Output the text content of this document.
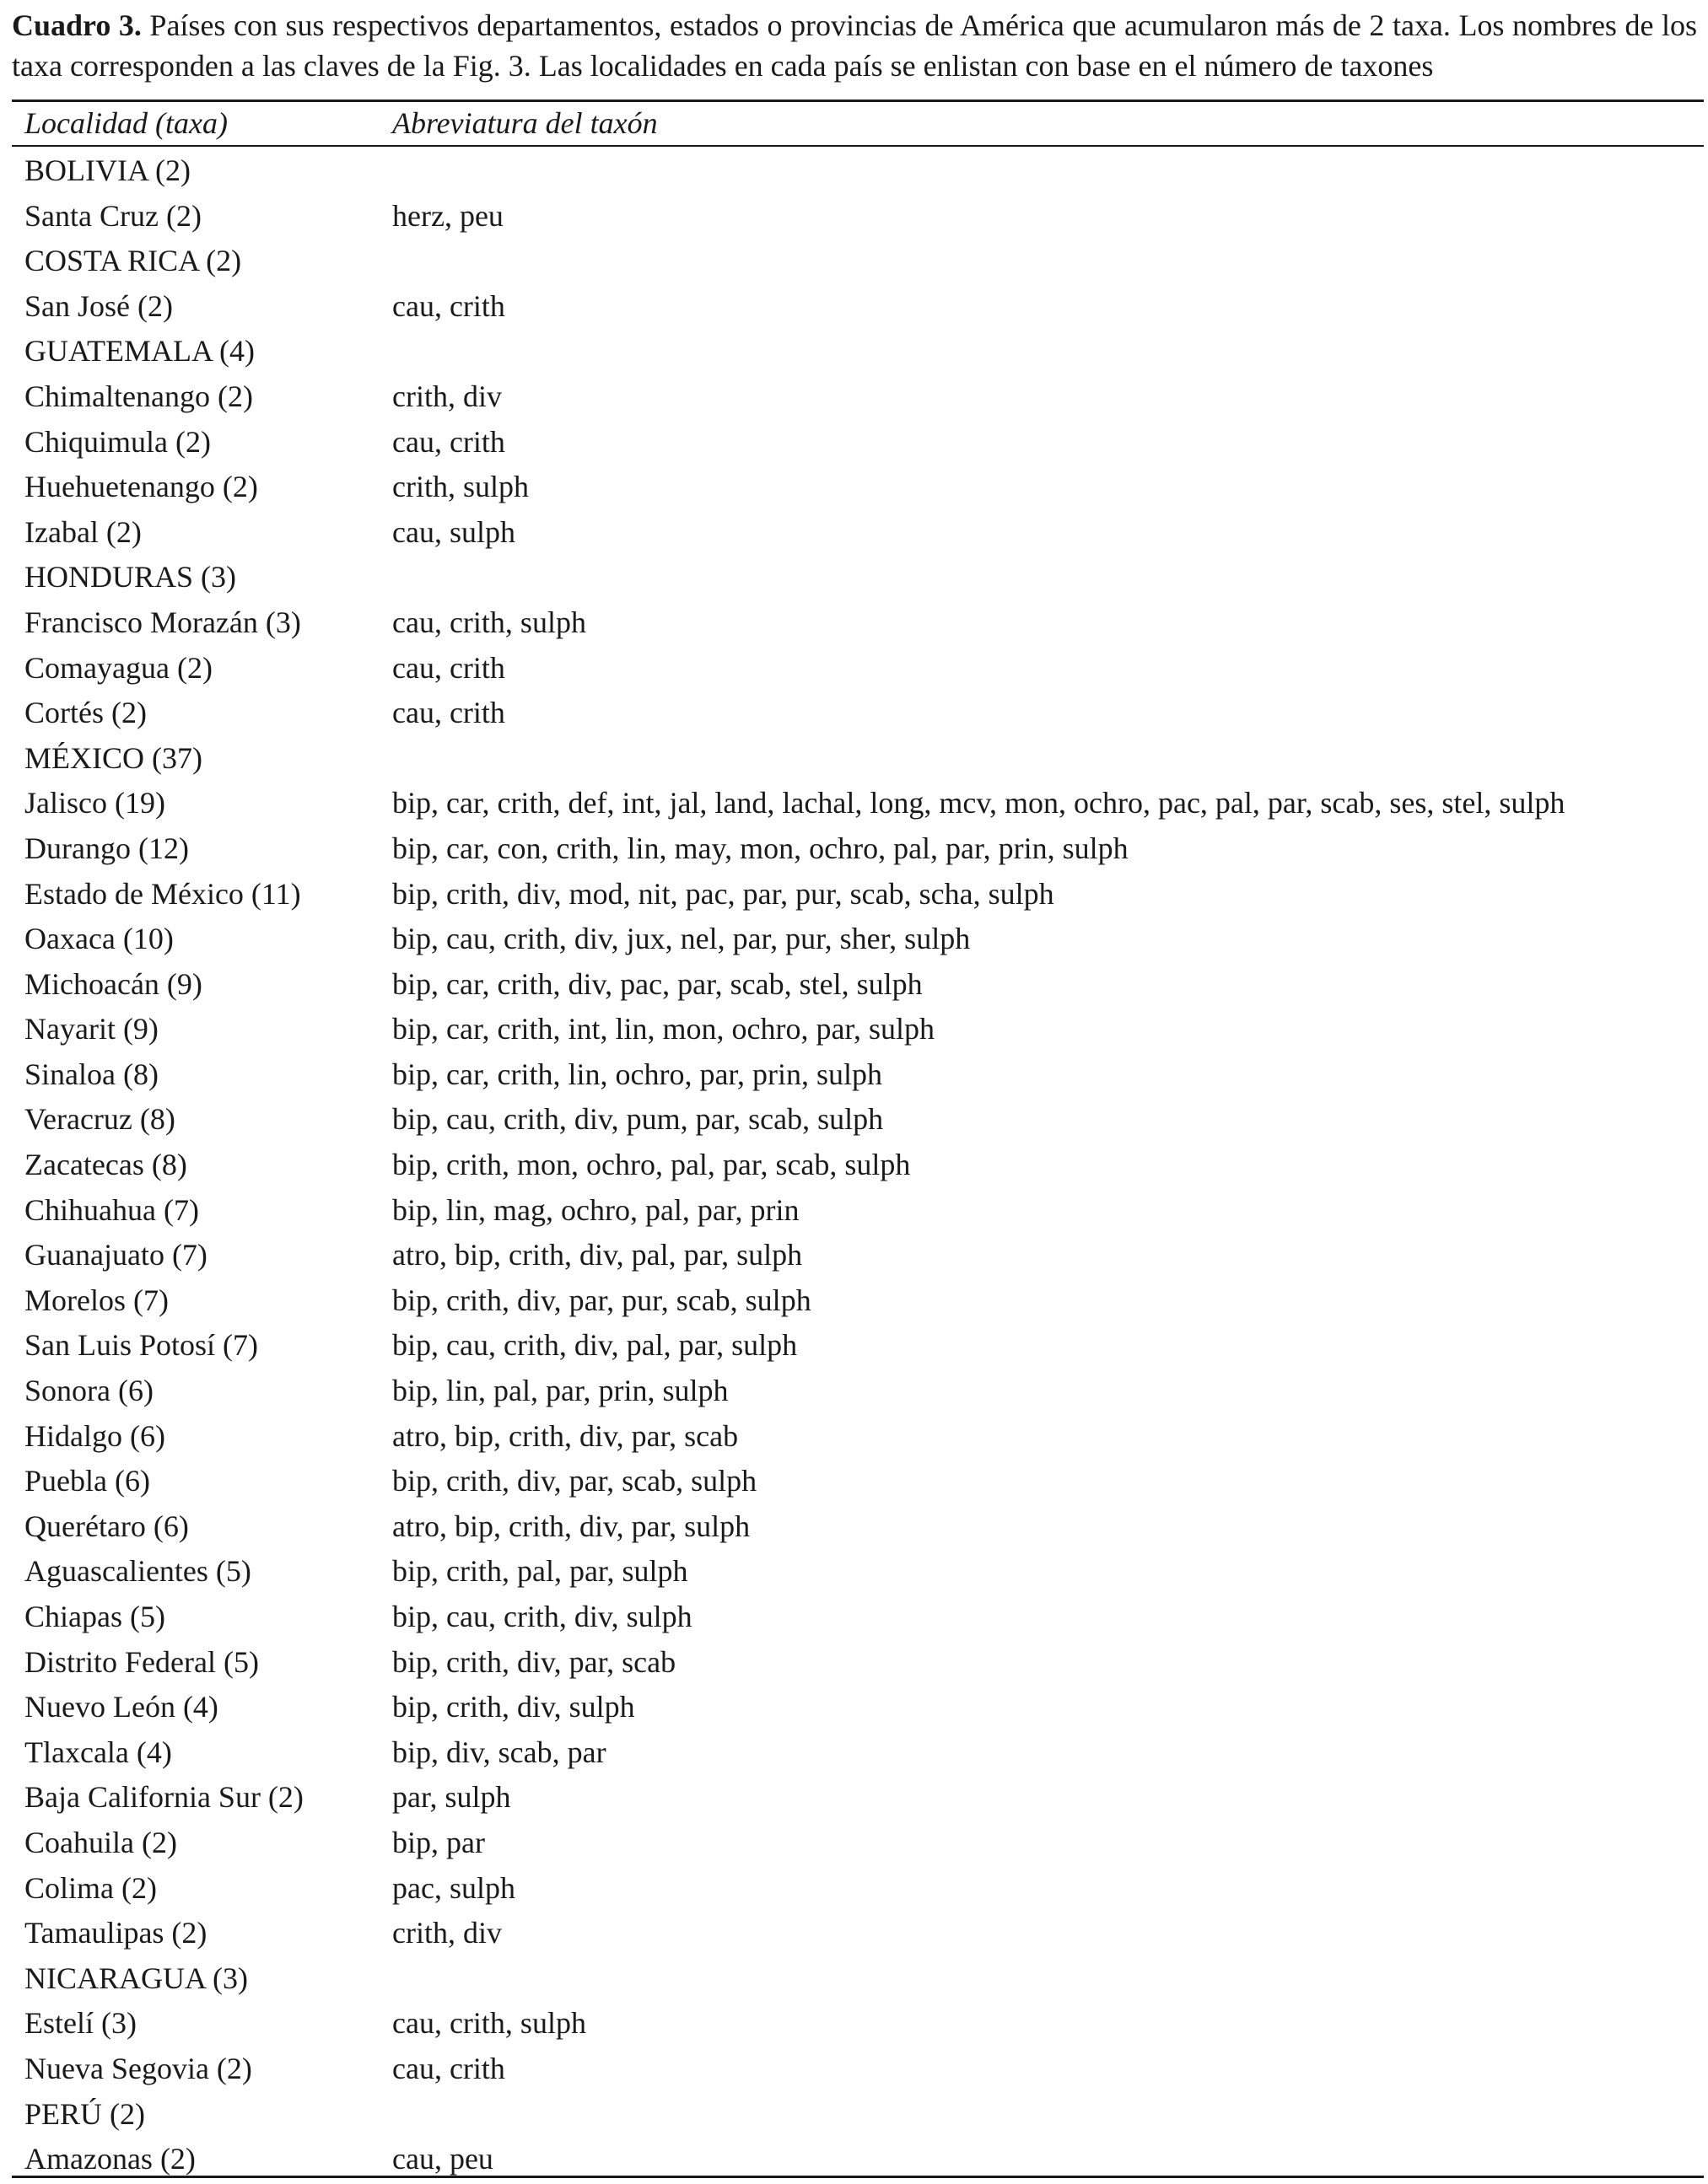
Cuadro 3. Países con sus respectivos departamentos, estados o provincias de América que acumularon más de 2 taxa. Los nombres de los taxa corresponden a las claves de la Fig. 3. Las localidades en cada país se enlistan con base en el número de taxones

Localidad (taxa)	Abreviatura del taxón
BOLIVIA (2)
Santa Cruz (2)	herz, peu
COSTA RICA (2)
San José (2)	cau, crith
GUATEMALA (4)
Chimaltenango (2)	crith, div
Chiquimula (2)	cau, crith
Huehuetenango (2)	crith, sulph
Izabal (2)	cau, sulph
HONDURAS (3)
Francisco Morazán (3)	cau, crith, sulph
Comayagua (2)	cau, crith
Cortés (2)	cau, crith
MÉXICO (37)
Jalisco (19)	bip, car, crith, def, int, jal, land, lachal, long, mcv, mon, ochro, pac, pal, par, scab, ses, stel, sulph
Durango (12)	bip, car, con, crith, lin, may, mon, ochro, pal, par, prin, sulph
Estado de México (11)	bip, crith, div, mod, nit, pac, par, pur, scab, scha, sulph
Oaxaca (10)	bip, cau, crith, div, jux, nel, par, pur, sher, sulph
Michoacán (9)	bip, car, crith, div, pac, par, scab, stel, sulph
Nayarit (9)	bip, car, crith, int, lin, mon, ochro, par, sulph
Sinaloa (8)	bip, car, crith, lin, ochro, par, prin, sulph
Veracruz (8)	bip, cau, crith, div, pum, par, scab, sulph
Zacatecas (8)	bip, crith, mon, ochro, pal, par, scab, sulph
Chihuahua (7)	bip, lin, mag, ochro, pal, par, prin
Guanajuato (7)	atro, bip, crith, div, pal, par, sulph
Morelos (7)	bip, crith, div, par, pur, scab, sulph
San Luis Potosí (7)	bip, cau, crith, div, pal, par, sulph
Sonora (6)	bip, lin, pal, par, prin, sulph
Hidalgo (6)	atro, bip, crith, div, par, scab
Puebla (6)	bip, crith, div, par, scab, sulph
Querétaro (6)	atro, bip, crith, div, par, sulph
Aguascalientes (5)	bip, crith, pal, par, sulph
Chiapas (5)	bip, cau, crith, div, sulph
Distrito Federal (5)	bip, crith, div, par, scab
Nuevo León (4)	bip, crith, div, sulph
Tlaxcala (4)	bip, div, scab, par
Baja California Sur (2)	par, sulph
Coahuila (2)	bip, par
Colima (2)	pac, sulph
Tamaulipas (2)	crith, div
NICARAGUA (3)
Estelí (3)	cau, crith, sulph
Nueva Segovia (2)	cau, crith
PERÚ (2)
Amazonas (2)	cau, peu
